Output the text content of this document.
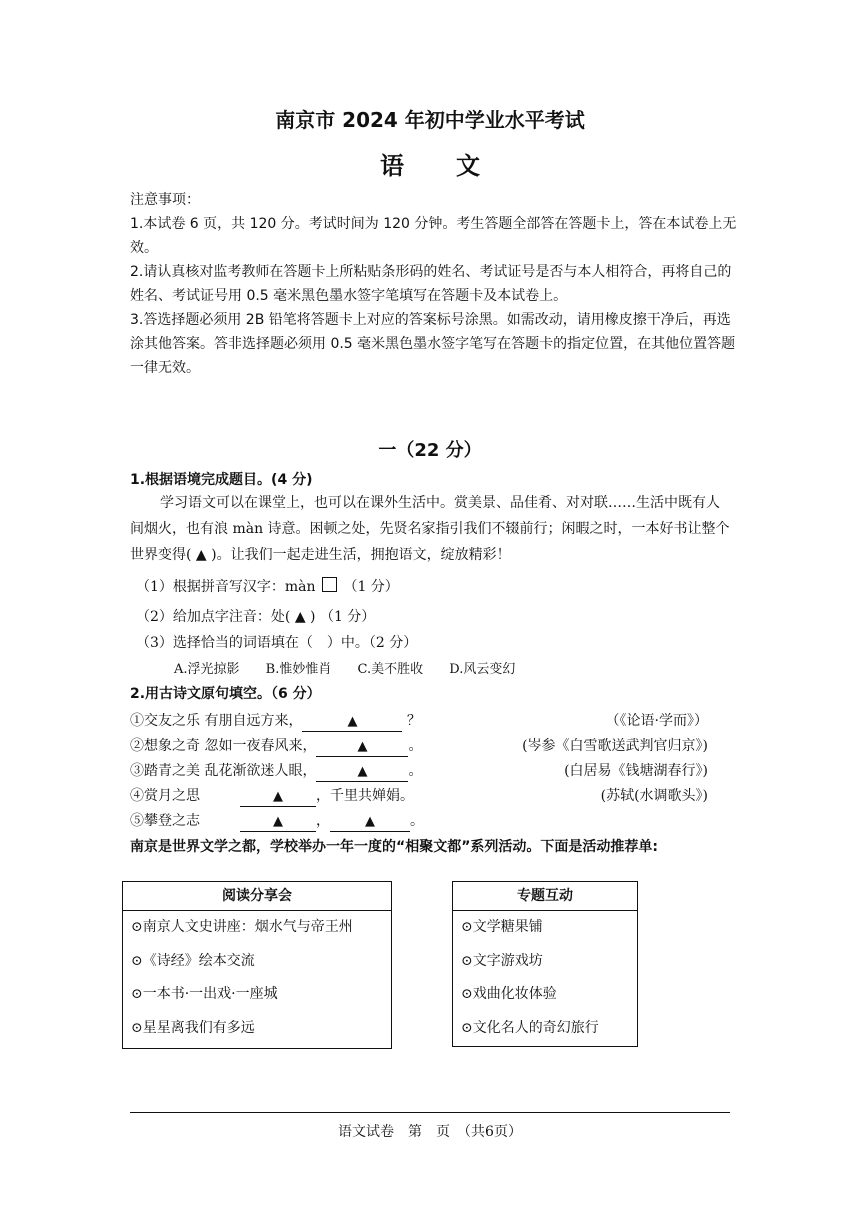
南京市 2024 年初中学业水平考试
语文
注意事项：
1.本试卷 6 页，共 120 分。考试时间为 120 分钟。考生答题全部答在答题卡上，答在本试卷上无效。
2.请认真核对监考教师在答题卡上所粘贴条形码的姓名、考试证号是否与本人相符合，再将自己的姓名、考试证号用 0.5 毫米黑色墨水签字笔填写在答题卡及本试卷上。
3.答选择题必须用 2B 铅笔将答题卡上对应的答案标号涂黑。如需改动，请用橡皮擦干净后，再选涂其他答案。答非选择题必须用 0.5 毫米黑色墨水签字笔写在答题卡的指定位置，在其他位置答题一律无效。
一（22 分）
1.根据语境完成题目。(4 分)
学习语文可以在课堂上，也可以在课外生活中。赏美景、品佳肴、对对联……生活中既有人间烟火，也有浪 màn 诗意。困顿之处，先贤名家指引我们不辍前行；闲暇之时，一本好书让整个世界变得( ▲ )。让我们一起走进生活，拥抱语文，绽放精彩！
（1）根据拼音写汉字：màn （1 分）
（2）给加点字注音：处( ▲ ) （1 分）
（3）选择恰当的词语填在（　）中。（2 分）
A.浮光掠影 B.惟妙惟肖 C.美不胜收 D.风云变幻
2.用古诗文原句填空。（6 分）
①交友之乐 有朋自远方来，	▲	？	（《论语·学而》）
②想象之奇 忽如一夜春风来，	▲	。	(岑参《白雪歌送武判官归京》)
③踏青之美 乱花渐欲迷人眼，	▲	。	(白居易《钱塘湖春行》)
④赏月之思	▲ ，千里共婵娟。	(苏轼(水调歌头》)
⑤攀登之志	▲ ，	▲	。
南京是世界文学之都，学校举办一年一度的“相聚文都”系列活动。下面是活动推荐单:
阅读分享会
⊙南京人文史讲座：烟水气与帝王州
⊙《诗经》绘本交流
⊙一本书·一出戏·一座城
⊙星星离我们有多远
专题互动
⊙文学糖果铺
⊙文字游戏坊
⊙戏曲化妆体验
⊙文化名人的奇幻旅行
语文试卷　第　页　（共6页）
